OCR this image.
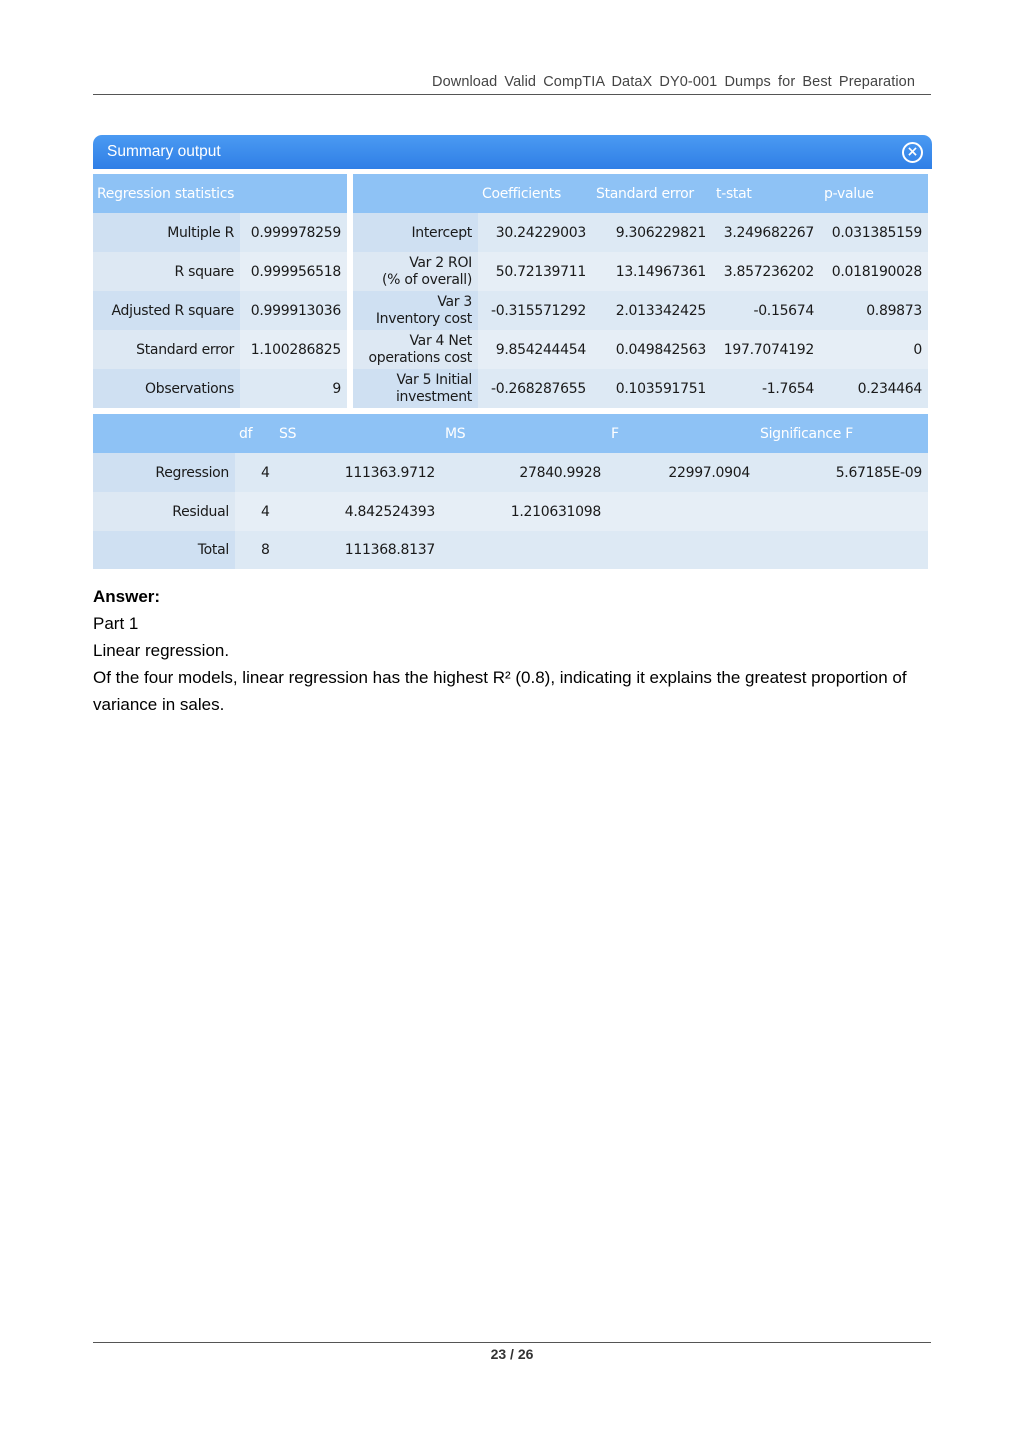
Download Valid CompTIA DataX DY0-001 Dumps for Best Preparation
Summary output	×
Regression statistics
Multiple R	0.999978259
R square	0.999956518
Adjusted R square	0.999913036
Standard error	1.100286825
Observations	9
Coefficients	Standard error	t-stat	p-value
Intercept	30.24229003	9.306229821	3.249682267	0.031385159
Var 2 ROI
(% of overall)	50.72139711	13.14967361	3.857236202	0.018190028
Var 3
Inventory cost	-0.315571292	2.013342425	-0.15674	0.89873
Var 4 Net
operations cost	9.854244454	0.049842563	197.7074192	0
Var 5 Initial
investment	-0.268287655	0.103591751	-1.7654	0.234464
df	SS	MS	F	Significance F
Regression	4	111363.9712	27840.9928	22997.0904	5.67185E-09
Residual	4	4.842524393	1.210631098
Total	8	111368.8137
Answer:
Part 1
Linear regression.
Of the four models, linear regression has the highest R² (0.8), indicating it explains the greatest proportion of variance in sales.
23 / 26
